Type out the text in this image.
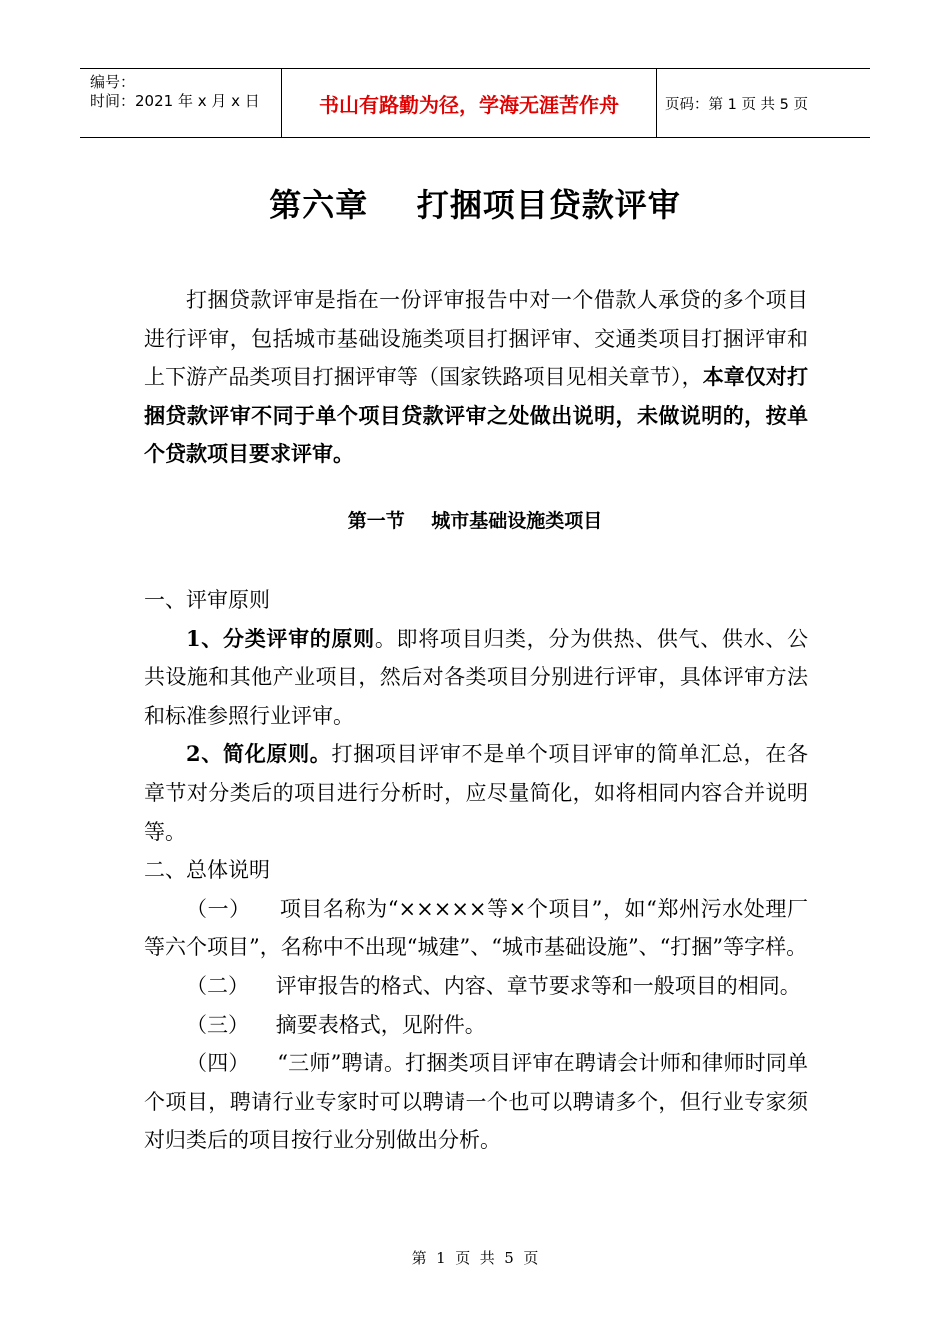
编号：
时间：2021 年 x 月 x 日	书山有路勤为径，学海无涯苦作舟	页码：第 1 页 共 5 页
第六章    打捆项目贷款评审
打捆贷款评审是指在一份评审报告中对一个借款人承贷的多个项目进行评审，包括城市基础设施类项目打捆评审、交通类项目打捆评审和上下游产品类项目打捆评审等（国家铁路项目见相关章节），本章仅对打捆贷款评审不同于单个项目贷款评审之处做出说明，未做说明的，按单个贷款项目要求评审。
第一节    城市基础设施类项目

一、评审原则

1、分类评审的原则。即将项目归类，分为供热、供气、供水、公共设施和其他产业项目，然后对各类项目分别进行评审，具体评审方法和标准参照行业评审。

2、简化原则。打捆项目评审不是单个项目评审的简单汇总，在各章节对分类后的项目进行分析时，应尽量简化，如将相同内容合并说明等。

二、总体说明

（一） 项目名称为“×××××等×个项目”，如“郑州污水处理厂等六个项目”，名称中不出现“城建”、“城市基础设施”、“打捆”等字样。

（二） 评审报告的格式、内容、章节要求等和一般项目的相同。

（三） 摘要表格式，见附件。

（四） “三师”聘请。打捆类项目评审在聘请会计师和律师时同单个项目，聘请行业专家时可以聘请一个也可以聘请多个，但行业专家须对归类后的项目按行业分别做出分析。

第  1  页  共  5  页
